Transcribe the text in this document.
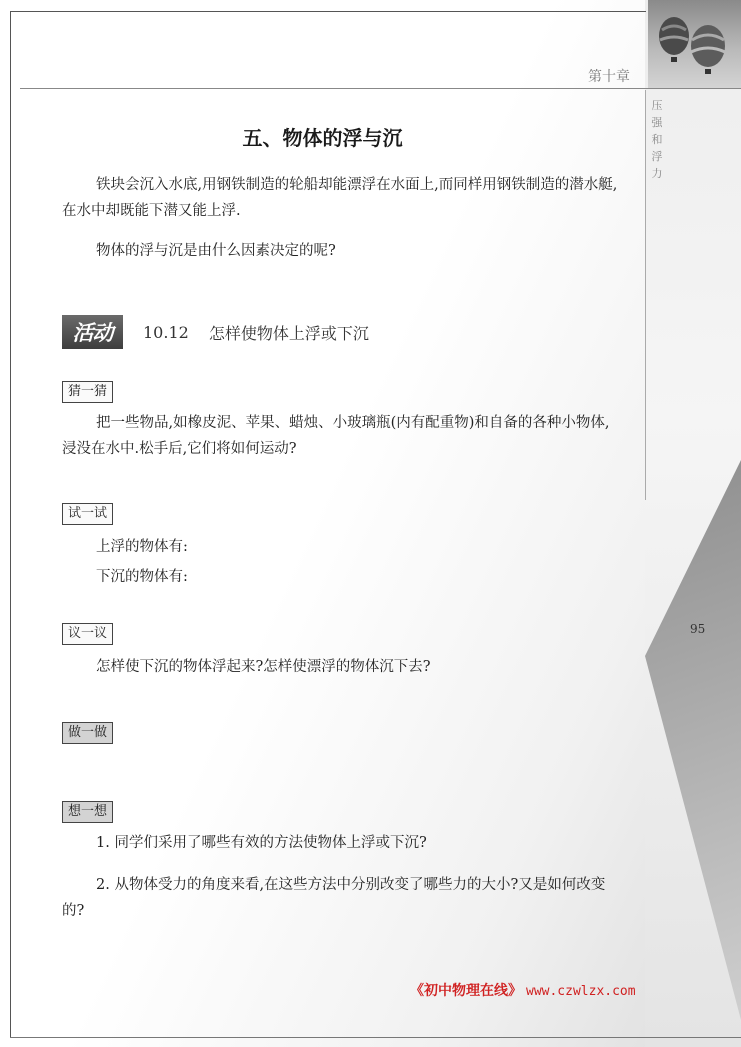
第十章
压
强
和
浮
力
95
五、物体的浮与沉
铁块会沉入水底,用钢铁制造的轮船却能漂浮在水面上,而同样用钢铁制造的潜水艇,在水中却既能下潜又能上浮.
物体的浮与沉是由什么因素决定的呢?
活动	10.12 怎样使物体上浮或下沉
猜一猜
把一些物品,如橡皮泥、苹果、蜡烛、小玻璃瓶(内有配重物)和自备的各种小物体,浸没在水中.松手后,它们将如何运动?
试一试
上浮的物体有:
下沉的物体有:
议一议
怎样使下沉的物体浮起来?怎样使漂浮的物体沉下去?
做一做
想一想
1. 同学们采用了哪些有效的方法使物体上浮或下沉?
2. 从物体受力的角度来看,在这些方法中分别改变了哪些力的大小?又是如何改变的?
《初中物理在线》 www.czwlzx.com
